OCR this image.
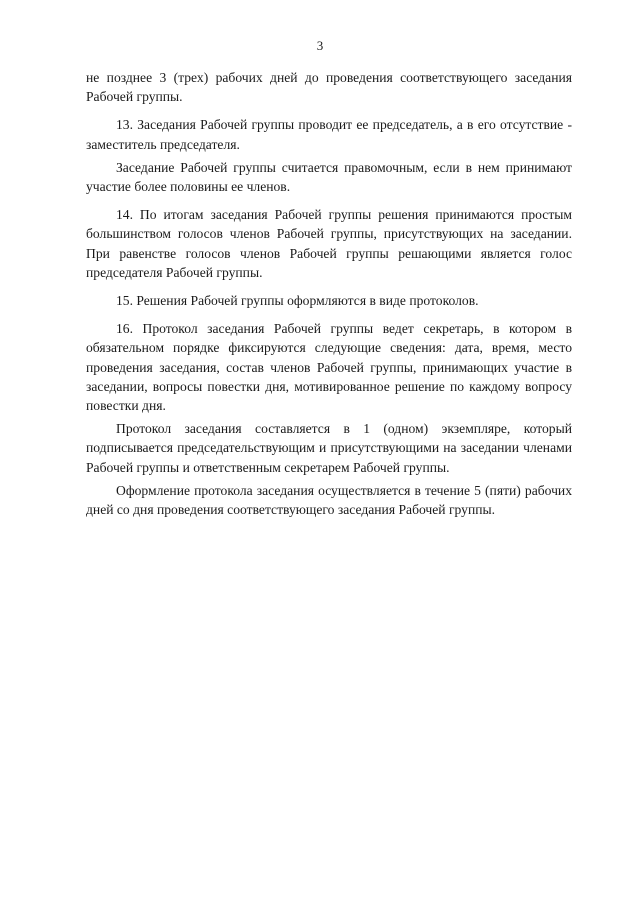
3

не позднее 3 (трех) рабочих дней до проведения соответствующего заседания Рабочей группы.

13. Заседания Рабочей группы проводит ее председатель, а в его отсутствие - заместитель председателя.

Заседание Рабочей группы считается правомочным, если в нем принимают участие более половины ее членов.

14. По итогам заседания Рабочей группы решения принимаются простым большинством голосов членов Рабочей группы, присутствующих на заседании. При равенстве голосов членов Рабочей группы решающими является голос председателя Рабочей группы.

15. Решения Рабочей группы оформляются в виде протоколов.

16. Протокол заседания Рабочей группы ведет секретарь, в котором в обязательном порядке фиксируются следующие сведения: дата, время, место проведения заседания, состав членов Рабочей группы, принимающих участие в заседании, вопросы повестки дня, мотивированное решение по каждому вопросу повестки дня.

Протокол заседания составляется в 1 (одном) экземпляре, который подписывается председательствующим и присутствующими на заседании членами Рабочей группы и ответственным секретарем Рабочей группы.

Оформление протокола заседания осуществляется в течение 5 (пяти) рабочих дней со дня проведения соответствующего заседания Рабочей группы.
